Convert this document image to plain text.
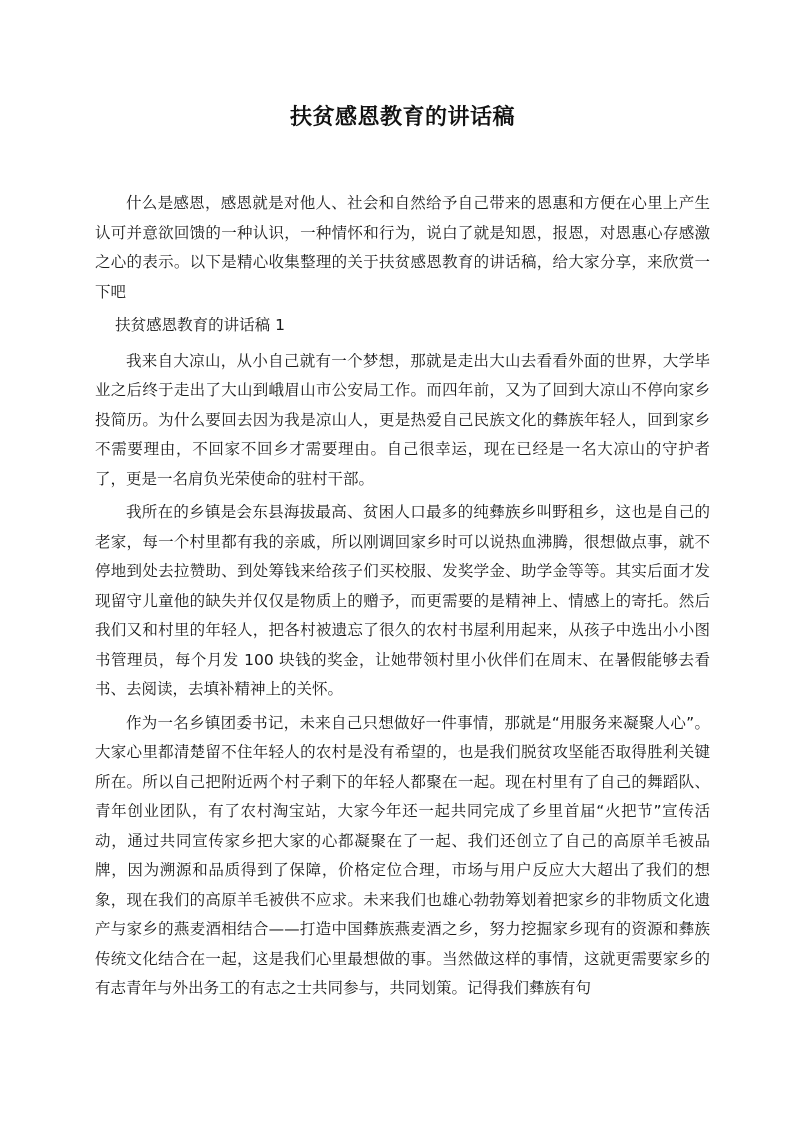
扶贫感恩教育的讲话稿

什么是感恩，感恩就是对他人、社会和自然给予自己带来的恩惠和方便在心里上产生认可并意欲回馈的一种认识，一种情怀和行为，说白了就是知恩，报恩，对恩惠心存感激之心的表示。以下是精心收集整理的关于扶贫感恩教育的讲话稿，给大家分享，来欣赏一下吧

扶贫感恩教育的讲话稿 1

我来自大凉山，从小自己就有一个梦想，那就是走出大山去看看外面的世界，大学毕业之后终于走出了大山到峨眉山市公安局工作。而四年前，又为了回到大凉山不停向家乡投简历。为什么要回去因为我是凉山人，更是热爱自己民族文化的彝族年轻人，回到家乡不需要理由，不回家不回乡才需要理由。自己很幸运，现在已经是一名大凉山的守护者了，更是一名肩负光荣使命的驻村干部。

我所在的乡镇是会东县海拔最高、贫困人口最多的纯彝族乡叫野租乡，这也是自己的老家，每一个村里都有我的亲戚，所以刚调回家乡时可以说热血沸腾，很想做点事，就不停地到处去拉赞助、到处筹钱来给孩子们买校服、发奖学金、助学金等等。其实后面才发现留守儿童他的缺失并仅仅是物质上的赠予，而更需要的是精神上、情感上的寄托。然后我们又和村里的年轻人，把各村被遗忘了很久的农村书屋利用起来，从孩子中选出小小图书管理员，每个月发 100 块钱的奖金，让她带领村里小伙伴们在周末、在暑假能够去看书、去阅读，去填补精神上的关怀。

作为一名乡镇团委书记，未来自己只想做好一件事情，那就是“用服务来凝聚人心”。大家心里都清楚留不住年轻人的农村是没有希望的，也是我们脱贫攻坚能否取得胜利关键所在。所以自己把附近两个村子剩下的年轻人都聚在一起。现在村里有了自己的舞蹈队、青年创业团队，有了农村淘宝站，大家今年还一起共同完成了乡里首届“火把节”宣传活动，通过共同宣传家乡把大家的心都凝聚在了一起、我们还创立了自己的高原羊毛被品牌，因为溯源和品质得到了保障，价格定位合理，市场与用户反应大大超出了我们的想象，现在我们的高原羊毛被供不应求。未来我们也雄心勃勃筹划着把家乡的非物质文化遗产与家乡的燕麦酒相结合——打造中国彝族燕麦酒之乡，努力挖掘家乡现有的资源和彝族传统文化结合在一起，这是我们心里最想做的事。当然做这样的事情，这就更需要家乡的有志青年与外出务工的有志之士共同参与，共同划策。记得我们彝族有句
